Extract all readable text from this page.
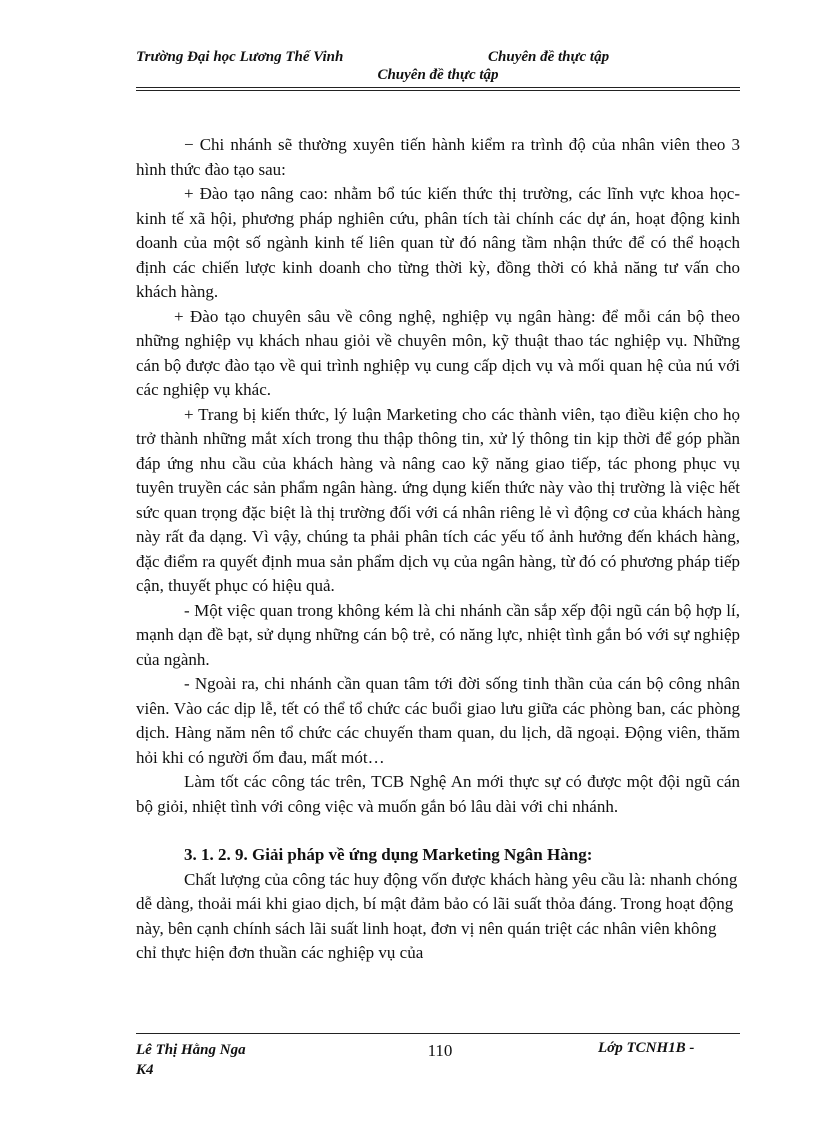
Trường Đại học Lương Thế Vinh	Chuyên đề thực tập
Chuyên đề thực tập

− Chi nhánh sẽ thường xuyên tiến hành kiểm ra trình độ của nhân viên theo 3 hình thức đào tạo sau:

+ Đào tạo nâng cao: nhằm bổ túc kiến thức thị trường, các lĩnh vực khoa học- kinh tế xã hội, phương pháp nghiên cứu, phân tích tài chính các dự án, hoạt động kinh doanh của một số ngành kinh tế liên quan từ đó nâng tầm nhận thức để có thể hoạch định các chiến lược kinh doanh cho từng thời kỳ, đồng thời có khả năng tư vấn cho khách hàng.

+ Đào tạo chuyên sâu về công nghệ, nghiệp vụ ngân hàng: để mỗi cán bộ theo những nghiệp vụ khách nhau giỏi về chuyên môn, kỹ thuật thao tác nghiệp vụ. Những cán bộ được đào tạo về qui trình nghiệp vụ cung cấp dịch vụ và mối quan hệ của nú với các nghiệp vụ khác.

+ Trang bị kiến thức, lý luận Marketing cho các thành viên, tạo điều kiện cho họ trở thành những mắt xích trong thu thập thông tin, xử lý thông tin kịp thời để góp phần đáp ứng nhu cầu của khách hàng và nâng cao kỹ năng giao tiếp, tác phong phục vụ tuyên truyền các sản phẩm ngân hàng. ứng dụng kiến thức này vào thị trường là việc hết sức quan trọng đặc biệt là thị trường đối với cá nhân riêng lẻ vì động cơ của khách hàng này rất đa dạng. Vì vậy, chúng ta phải phân tích các yếu tố ảnh hưởng đến khách hàng, đặc điểm ra quyết định mua sản phẩm dịch vụ của ngân hàng, từ đó có phương pháp tiếp cận, thuyết phục có hiệu quả.

- Một việc quan trong không kém là chi nhánh cần sắp xếp đội ngũ cán bộ hợp lí, mạnh dạn đề bạt, sử dụng những cán bộ trẻ, có năng lực, nhiệt tình gắn bó với sự nghiệp của ngành.

- Ngoài ra, chi nhánh cần quan tâm tới đời sống tinh thần của cán bộ công nhân viên. Vào các dịp lễ, tết có thể tổ chức các buổi giao lưu giữa các phòng ban, các phòng dịch. Hàng năm nên tổ chức các chuyến tham quan, du lịch, dã ngoại. Động viên, thăm hỏi khi có người ốm đau, mất mót…

Làm tốt các công tác trên, TCB Nghệ An mới thực sự có được một đội ngũ cán bộ giỏi, nhiệt tình với công việc và muốn gắn bó lâu dài với chi nhánh.

3. 1. 2. 9. Giải pháp về ứng dụng Marketing Ngân Hàng:

Chất lượng của công tác huy động vốn được khách hàng yêu cầu là: nhanh chóng dễ dàng, thoải mái khi giao dịch, bí mật đảm bảo có lãi suất thỏa đáng. Trong hoạt động này, bên cạnh chính sách lãi suất linh hoạt, đơn vị nên quán triệt các nhân viên không chỉ thực hiện đơn thuần các nghiệp vụ của

Lê Thị Hằng Nga
K4
110	Lớp TCNH1B -
